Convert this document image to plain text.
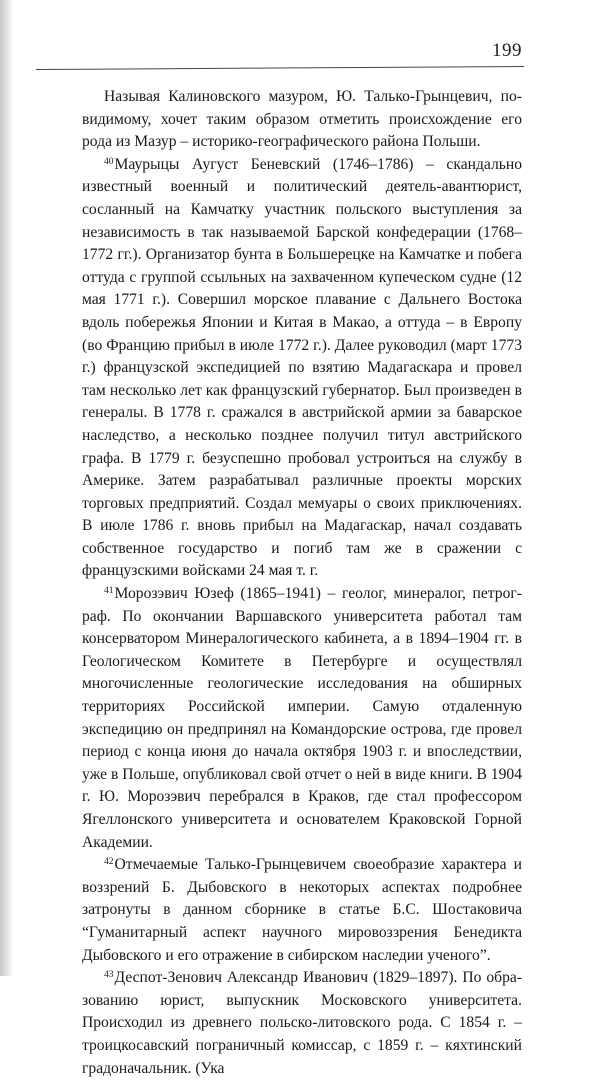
199

Называя Калиновского мазуром, Ю. Талько-Грынцевич, повидимому, хочет таким образом отметить происхождение его рода из Мазур – историко-географического района Польши.

$^{40}$Маурыцы Аугуст Беневский (1746–1786) – скандально известный военный и политический деятель-авантюрист, сосланный на Камчатку участник польского выступления за независимость в так называемой Барской конфедерации (1768–1772 гг.). Организатор бунта в Большерецке на Камчатке и побега оттуда с группой ссыльных на захваченном купеческом судне (12 мая 1771 г.). Совершил морское плавание с Дальнего Востока вдоль побережья Японии и Китая в Макао, а оттуда – в Европу (во Францию прибыл в июле 1772 г.). Далее руководил (март 1773 г.) французской экспедицией по взятию Мадагаскара и провел там несколько лет как французский губернатор. Был произведен в генералы. В 1778 г. сражался в австрийской армии за баварское наследство, а несколько позднее получил титул австрийского графа. В 1779 г. безуспешно пробовал устроиться на службу в Америке. Затем разрабатывал различные проекты морских торговых предприятий. Создал мемуары о своих приключениях. В июле 1786 г. вновь прибыл на Мадагаскар, начал создавать собственное государство и погиб там же в сражении с французскими войсками 24 мая т. г.

$^{41}$Морозэвич Юзеф (1865–1941) – геолог, минералог, петрограф. По окончании Варшавского университета работал там консерватором Минералогического кабинета, а в 1894–1904 гг. в Геологическом Комитете в Петербурге и осуществлял многочисленные геологические исследования на обширных территориях Российской империи. Самую отдаленную экспедицию он предпринял на Командорские острова, где провел период с конца июня до начала октября 1903 г. и впоследствии, уже в Польше, опубликовал свой отчет о ней в виде книги. В 1904 г. Ю. Морозэвич перебрался в Краков, где стал профессором Ягеллонского университета и основателем Краковской Горной Академии.

$^{42}$Отмечаемые Талько-Грынцевичем своеобразие характера и воззрений Б. Дыбовского в некоторых аспектах подробнее затронуты в данном сборнике в статье Б.С. Шостаковича “Гуманитарный аспект научного мировоззрения Бенедикта Дыбовского и его отражение в сибирском наследии ученого”.

$^{43}$Деспот-Зенович Александр Иванович (1829–1897). По образованию юрист, выпускник Московского университета. Происходил из древнего польско-литовского рода. С 1854 г. – троицкосавский пограничный комиссар, с 1859 г. – кяхтинский градоначальник. (Ука
